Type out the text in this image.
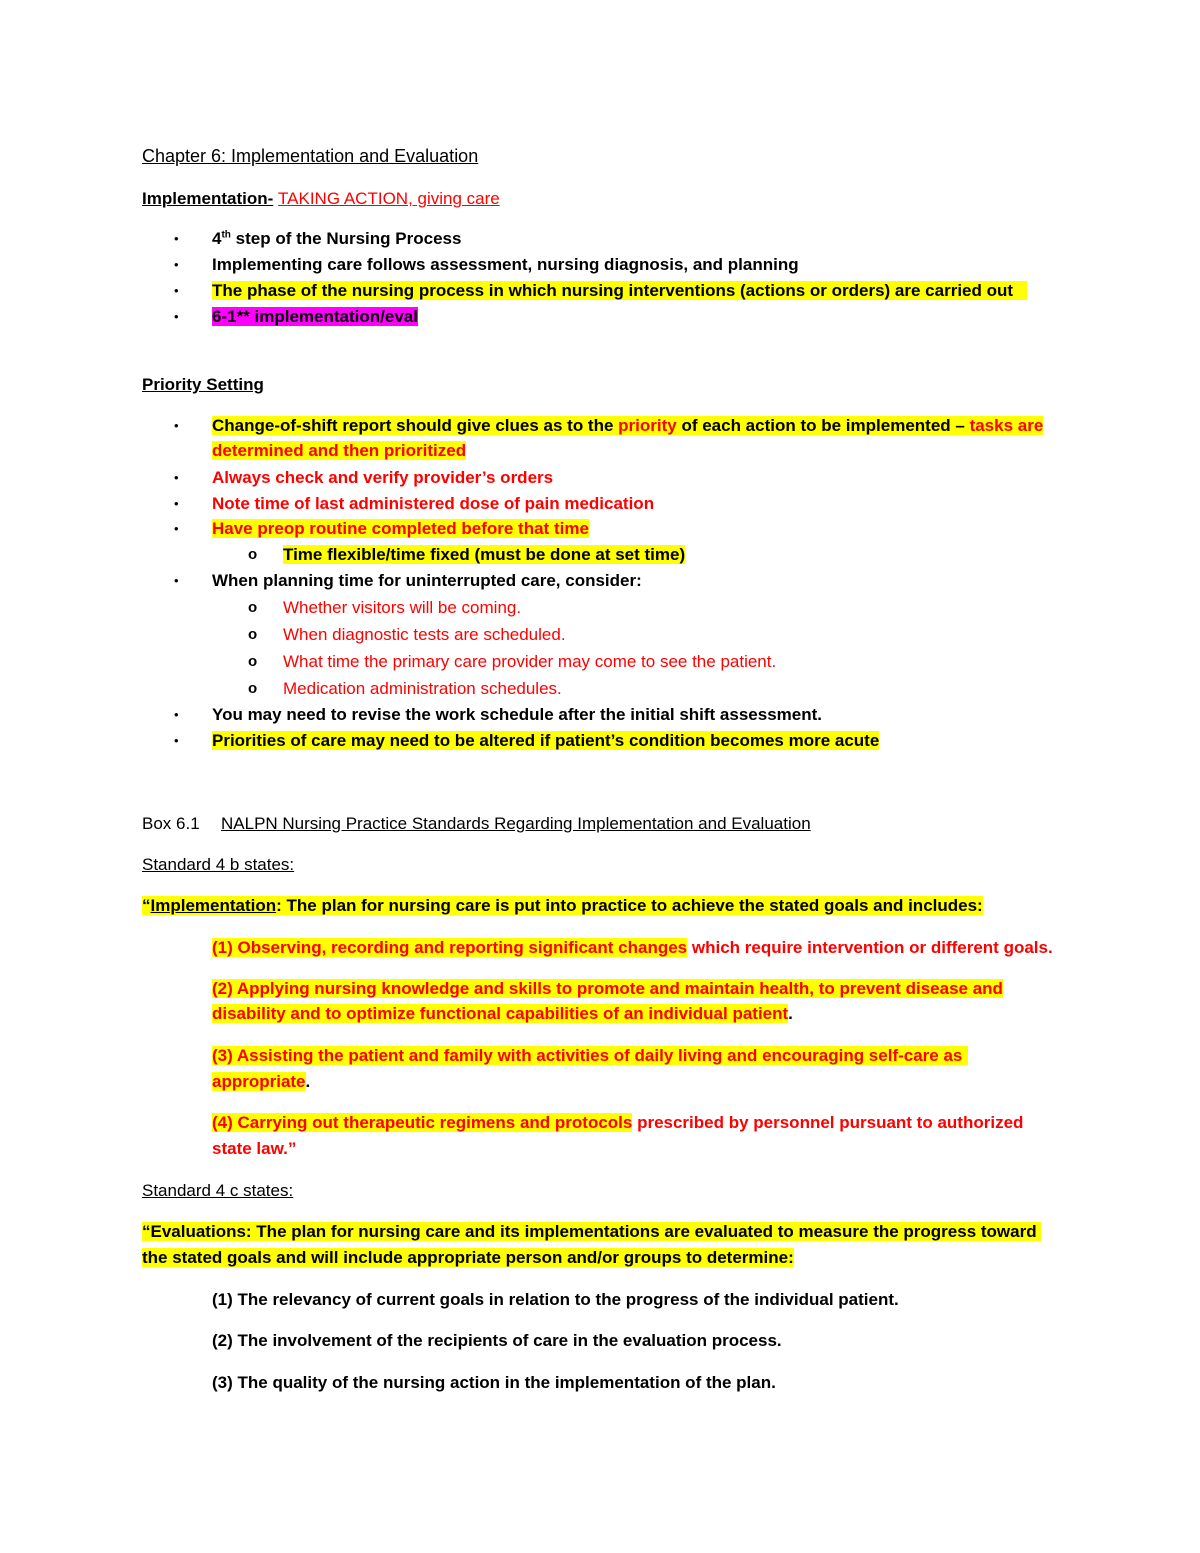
Chapter 6: Implementation and Evaluation
Implementation- TAKING ACTION, giving care
• 4th step of the Nursing Process
• Implementing care follows assessment, nursing diagnosis, and planning
• The phase of the nursing process in which nursing interventions (actions or orders) are carried out
• 6-1** implementation/eval
Priority Setting
• Change-of-shift report should give clues as to the priority of each action to be implemented – tasks are
determined and then prioritized
• Always check and verify provider’s orders
• Note time of last administered dose of pain medication
• Have preop routine completed before that time
o Time flexible/time fixed (must be done at set time)
• When planning time for uninterrupted care, consider:
o Whether visitors will be coming.
o When diagnostic tests are scheduled.
o What time the primary care provider may come to see the patient.
o Medication administration schedules.
• You may need to revise the work schedule after the initial shift assessment.
• Priorities of care may need to be altered if patient’s condition becomes more acute
Box 6.1 NALPN Nursing Practice Standards Regarding Implementation and Evaluation
Standard 4 b states:
“Implementation: The plan for nursing care is put into practice to achieve the stated goals and includes:
(1) Observing, recording and reporting significant changes which require intervention or different goals.
(2) Applying nursing knowledge and skills to promote and maintain health, to prevent disease and
disability and to optimize functional capabilities of an individual patient.
(3) Assisting the patient and family with activities of daily living and encouraging self-care as
appropriate.
(4) Carrying out therapeutic regimens and protocols prescribed by personnel pursuant to authorized
state law.”
Standard 4 c states:
“Evaluations: The plan for nursing care and its implementations are evaluated to measure the progress toward
the stated goals and will include appropriate person and/or groups to determine:
(1) The relevancy of current goals in relation to the progress of the individual patient.
(2) The involvement of the recipients of care in the evaluation process.
(3) The quality of the nursing action in the implementation of the plan.
